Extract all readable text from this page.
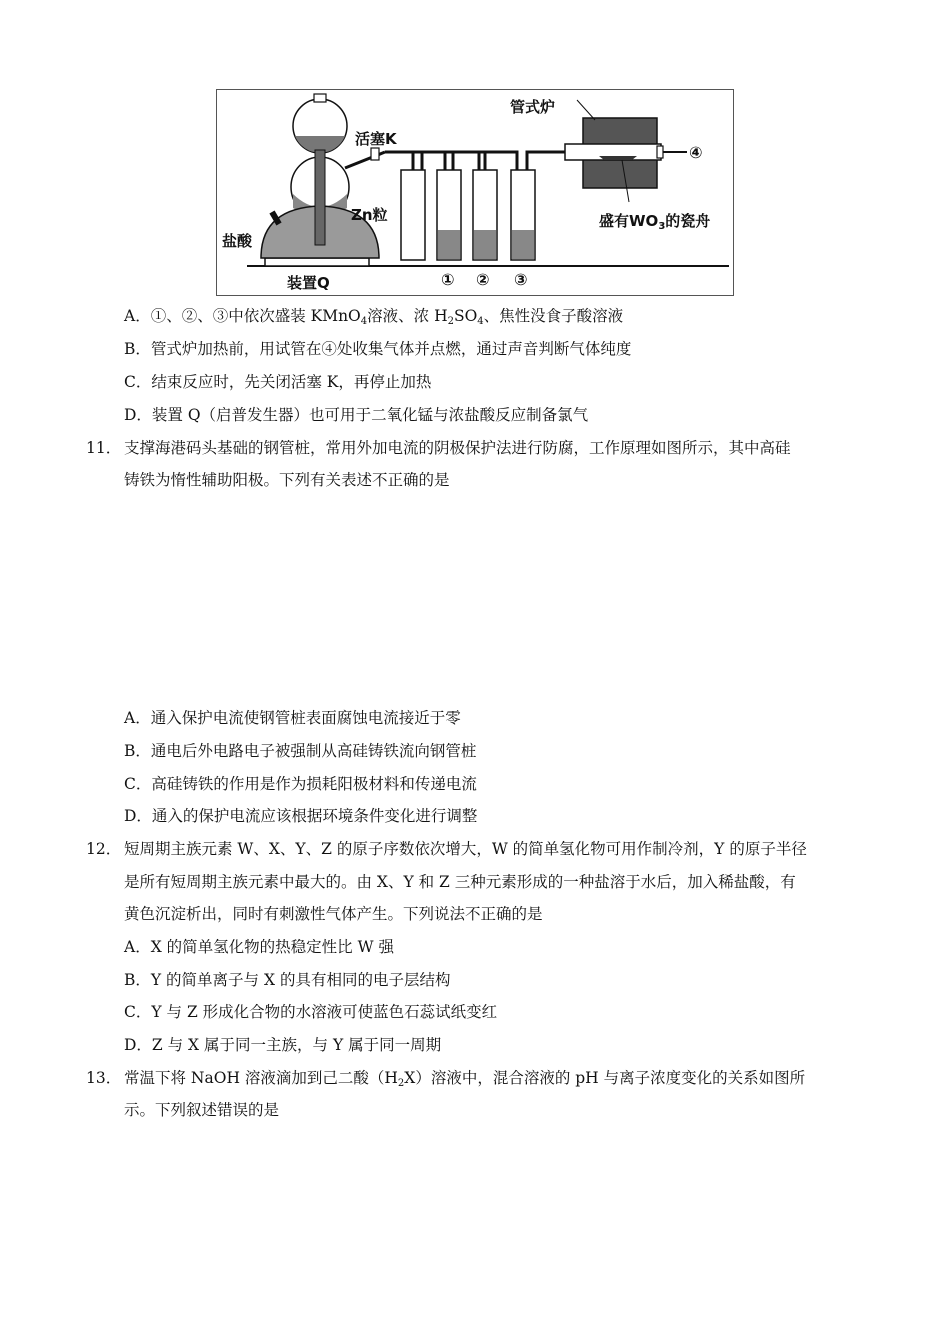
管式炉
活塞K
Zn粒
盐酸
装置Q
盛有$WO_3$的瓷舟
① ② ③
④
A．①、②、③中依次盛装 KMnO$_4$溶液、浓 $H_2SO_4$、焦性没食子酸溶液
B．管式炉加热前，用试管在④处收集气体并点燃，通过声音判断气体纯度
C．结束反应时，先关闭活塞 K，再停止加热
D．装置 Q（启普发生器）也可用于二氧化锰与浓盐酸反应制备氯气
11． 支撑海港码头基础的钢管桩，常用外加电流的阴极保护法进行防腐，工作原理如图所示，其中高硅
铸铁为惰性辅助阳极。下列有关表述不正确的是
A．通入保护电流使钢管桩表面腐蚀电流接近于零
B．通电后外电路电子被强制从高硅铸铁流向钢管桩
C．高硅铸铁的作用是作为损耗阳极材料和传递电流
D．通入的保护电流应该根据环境条件变化进行调整
12． 短周期主族元素 W、X、Y、Z 的原子序数依次增大，W 的简单氢化物可用作制冷剂，Y 的原子半径
是所有短周期主族元素中最大的。由 X、Y 和 Z 三种元素形成的一种盐溶于水后，加入稀盐酸，有
黄色沉淀析出，同时有刺激性气体产生。下列说法不正确的是
A．X 的简单氢化物的热稳定性比 W 强
B．Y 的简单离子与 X 的具有相同的电子层结构
C．Y 与 Z 形成化合物的水溶液可使蓝色石蕊试纸变红
D．Z 与 X 属于同一主族，与 Y 属于同一周期
13． 常温下将 NaOH 溶液滴加到己二酸$(H_2X)$溶液中，混合溶液的 pH 与离子浓度变化的关系如图所
示。下列叙述错误的是
